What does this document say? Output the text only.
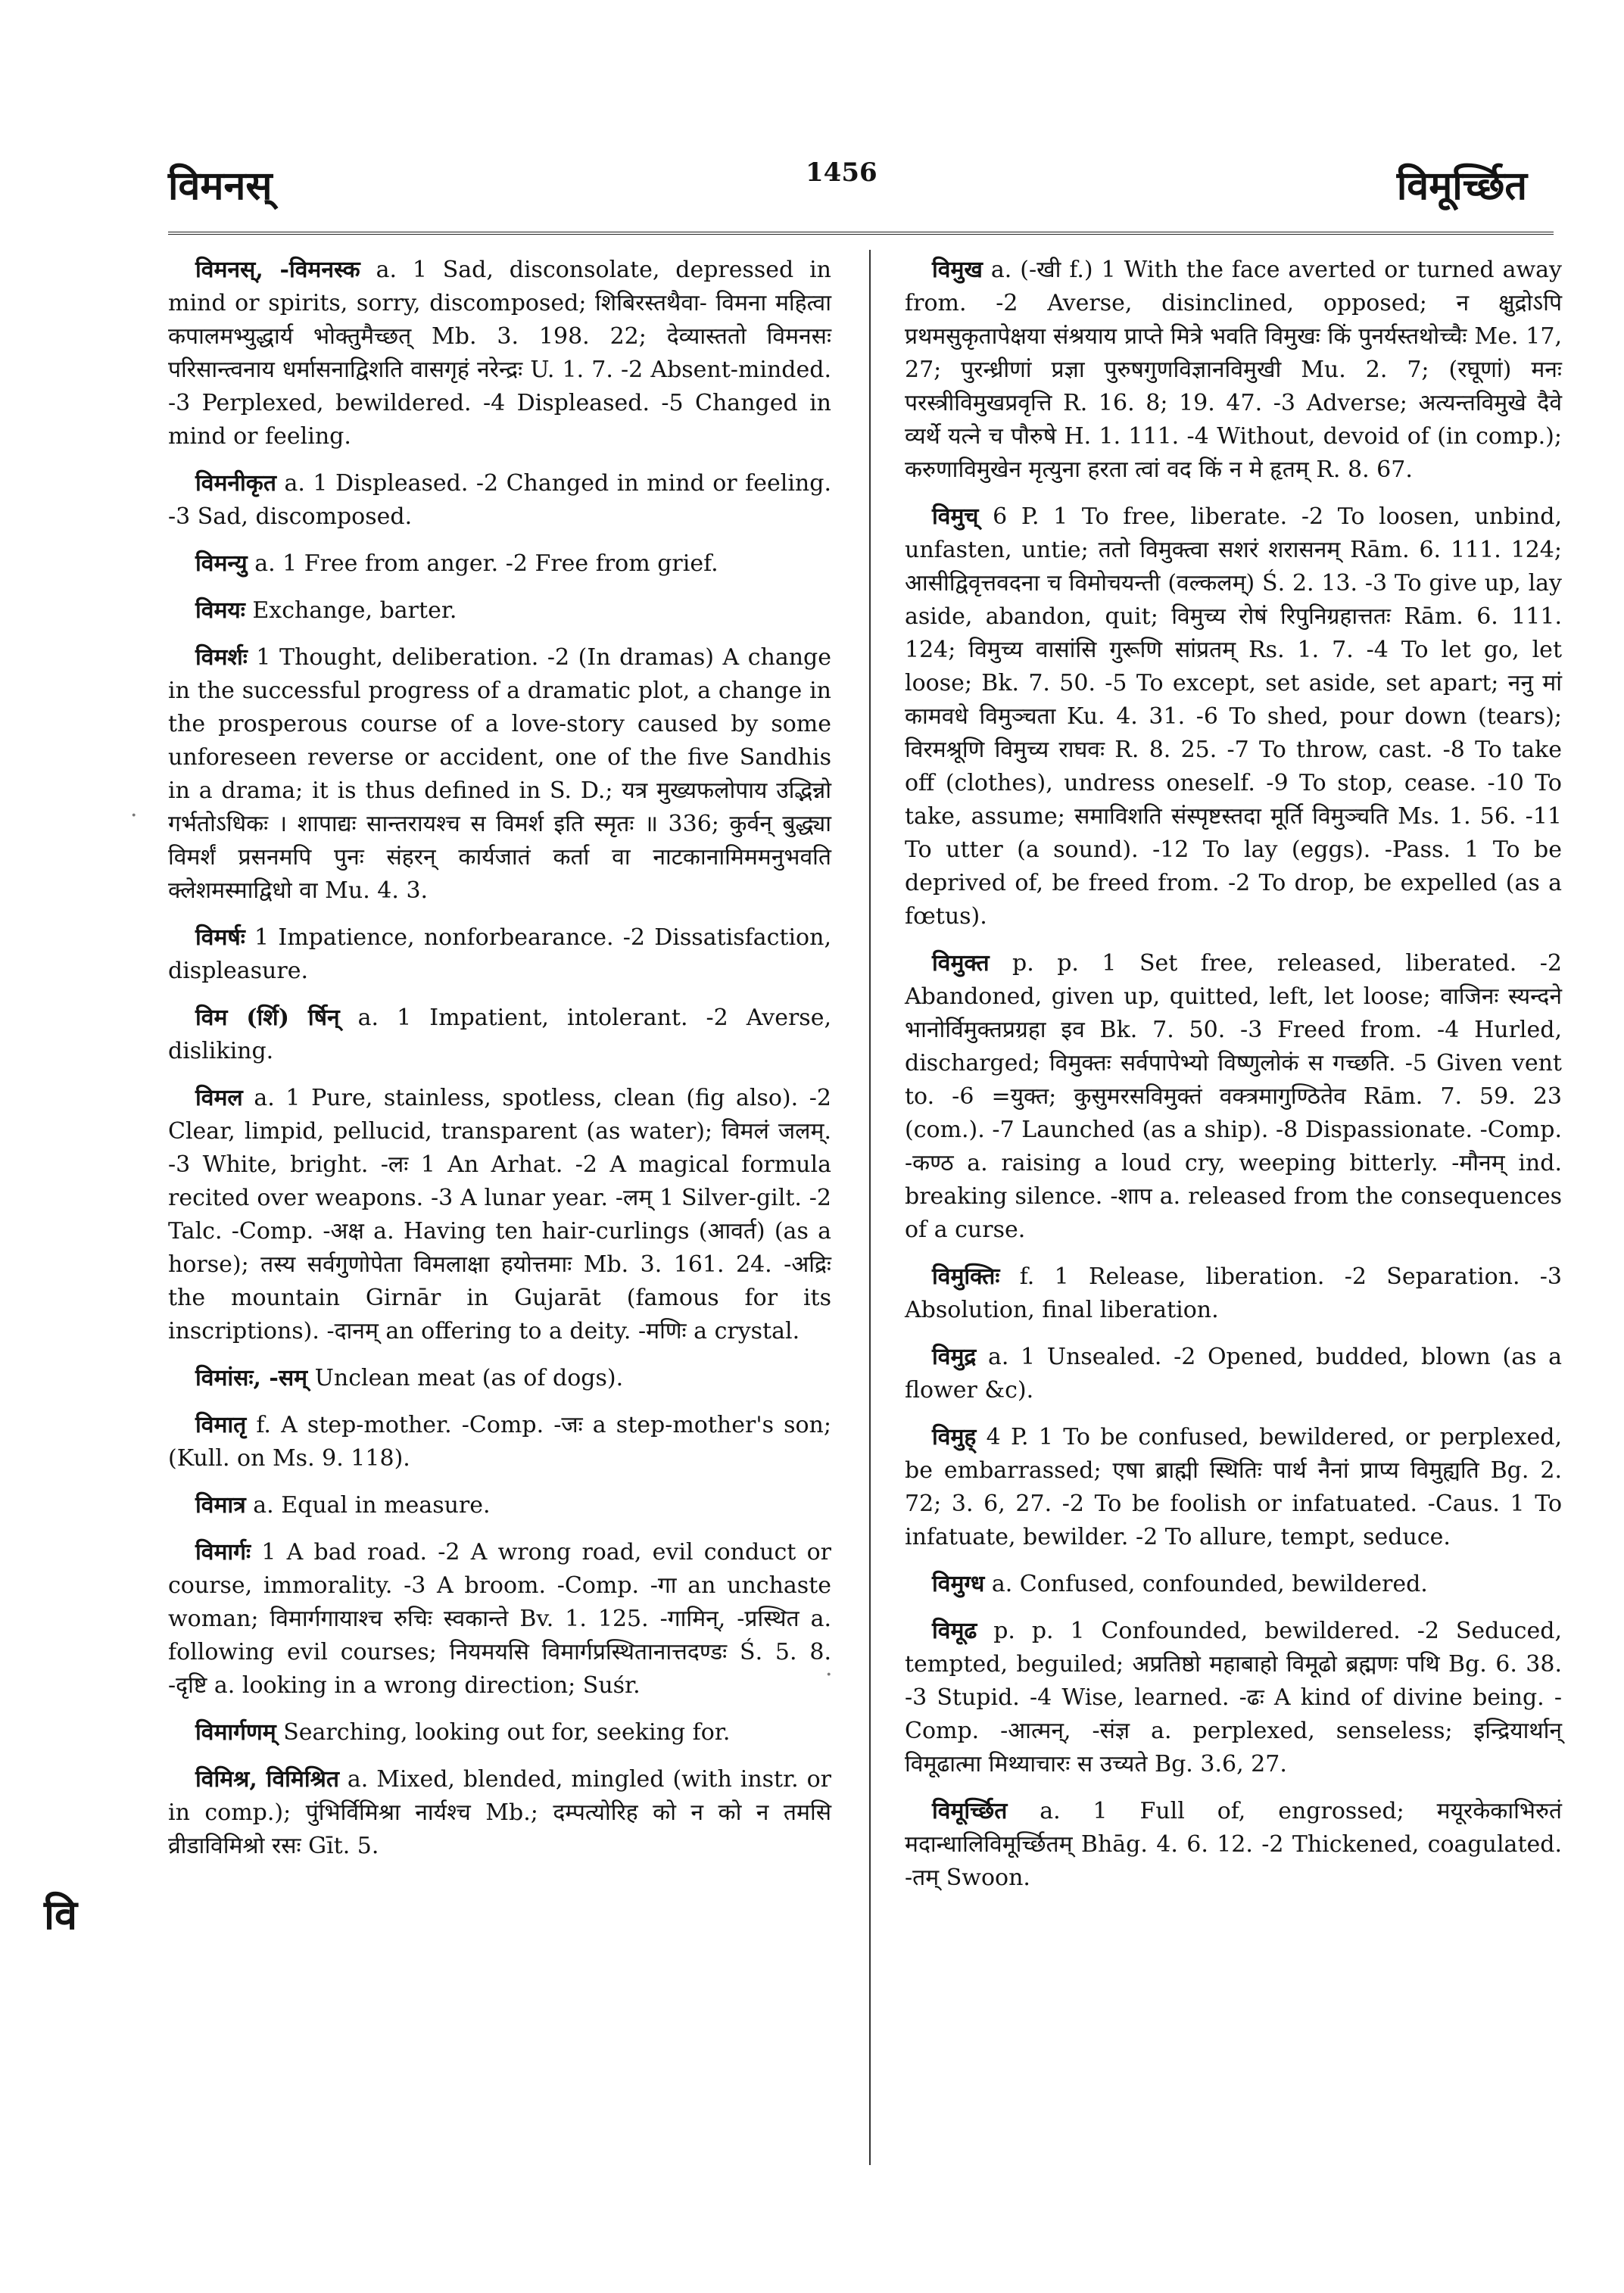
विमनस्	1456	विमूर्च्छित
वि
·
·

विमनस्, -विमनस्क a. 1 Sad, disconsolate, depressed in mind or spirits, sorry, discomposed; शिबिरस्तथैवा- विमना महित्वा कपालमभ्युद्धार्य भोक्तुमैच्छत् Mb. 3. 198. 22; देव्यास्ततो विमनसः परिसान्त्वनाय धर्मासनाद्विशति वासगृहं नरेन्द्रः U. 1. 7. -2 Absent-minded. -3 Perplexed, bewildered. -4 Displeased. -5 Changed in mind or feeling.

विमनीकृत a. 1 Displeased. -2 Changed in mind or feeling. -3 Sad, discomposed.

विमन्यु a. 1 Free from anger. -2 Free from grief.

विमयः Exchange, barter.

विमर्शः 1 Thought, deliberation. -2 (In dramas) A change in the successful progress of a dramatic plot, a change in the prosperous course of a love-story caused by some unforeseen reverse or accident, one of the five Sandhis in a drama; it is thus defined in S. D.; यत्र मुख्यफलोपाय उद्भिन्नो गर्भतोऽधिकः । शापाद्यः सान्तरायश्च स विमर्श इति स्मृतः ॥ 336; कुर्वन् बुद्ध्या विमर्शं प्रसनमपि पुनः संहरन् कार्यजातं कर्ता वा नाटकानामिममनुभवति क्लेशमस्माद्विधो वा Mu. 4. 3.

विमर्षः 1 Impatience, nonforbearance. -2 Dissatisfaction, displeasure.

विम (र्शि) र्षिन् a. 1 Impatient, intolerant. -2 Averse, disliking.

विमल a. 1 Pure, stainless, spotless, clean (fig also). -2 Clear, limpid, pellucid, transparent (as water); विमलं जलम्. -3 White, bright. -लः 1 An Arhat. -2 A magical formula recited over weapons. -3 A lunar year. -लम् 1 Silver-gilt. -2 Talc. -Comp. -अक्ष a. Having ten hair-curlings (आवर्त) (as a horse); तस्य सर्वगुणोपेता विमलाक्षा हयोत्तमाः Mb. 3. 161. 24. -अद्रिः the mountain Girnār in Gujarāt (famous for its inscriptions). -दानम् an offering to a deity. -मणिः a crystal.

विमांसः, -सम् Unclean meat (as of dogs).

विमातृ f. A step-mother. -Comp. -जः a step-mother's son; (Kull. on Ms. 9. 118).

विमात्र a. Equal in measure.

विमार्गः 1 A bad road. -2 A wrong road, evil conduct or course, immorality. -3 A broom. -Comp. -गा an unchaste woman; विमार्गगायाश्च रुचिः स्वकान्ते Bv. 1. 125. -गामिन्, -प्रस्थित a. following evil courses; नियमयसि विमार्गप्रस्थितानात्तदण्डः Ś. 5. 8. -दृष्टि a. looking in a wrong direction; Suśr.

विमार्गणम् Searching, looking out for, seeking for.

विमिश्र, विमिश्रित a. Mixed, blended, mingled (with instr. or in comp.); पुंभिर्विमिश्रा नार्यश्च Mb.; दम्पत्योरिह को न को न तमसि व्रीडाविमिश्रो रसः Gīt. 5.

विमुख a. (-खी f.) 1 With the face averted or turned away from. -2 Averse, disinclined, opposed; न क्षुद्रोऽपि प्रथमसुकृतापेक्षया संश्रयाय प्राप्ते मित्रे भवति विमुखः किं पुनर्यस्तथोच्चैः Me. 17, 27; पुरन्ध्रीणां प्रज्ञा पुरुषगुणविज्ञानविमुखी Mu. 2. 7; (रघूणां) मनः परस्त्रीविमुखप्रवृत्ति R. 16. 8; 19. 47. -3 Adverse; अत्यन्तविमुखे दैवे व्यर्थे यत्ने च पौरुषे H. 1. 111. -4 Without, devoid of (in comp.); करुणाविमुखेन मृत्युना हरता त्वां वद किं न मे हृतम् R. 8. 67.

विमुच् 6 P. 1 To free, liberate. -2 To loosen, unbind, unfasten, untie; ततो विमुक्त्वा सशरं शरासनम् Rām. 6. 111. 124; आसीद्विवृत्तवदना च विमोचयन्ती (वल्कलम्) Ś. 2. 13. -3 To give up, lay aside, abandon, quit; विमुच्य रोषं रिपुनिग्रहात्ततः Rām. 6. 111. 124; विमुच्य वासांसि गुरूणि सांप्रतम् Rs. 1. 7. -4 To let go, let loose; Bk. 7. 50. -5 To except, set aside, set apart; ननु मां कामवधे विमुञ्चता Ku. 4. 31. -6 To shed, pour down (tears); विरमश्रूणि विमुच्य राघवः R. 8. 25. -7 To throw, cast. -8 To take off (clothes), undress oneself. -9 To stop, cease. -10 To take, assume; समाविशति संस्पृष्टस्तदा मूर्ति विमुञ्चति Ms. 1. 56. -11 To utter (a sound). -12 To lay (eggs). -Pass. 1 To be deprived of, be freed from. -2 To drop, be expelled (as a fœtus).

विमुक्त p. p. 1 Set free, released, liberated. -2 Abandoned, given up, quitted, left, let loose; वाजिनः स्यन्दने भानोर्विमुक्तप्रग्रहा इव Bk. 7. 50. -3 Freed from. -4 Hurled, discharged; विमुक्तः सर्वपापेभ्यो विष्णुलोकं स गच्छति. -5 Given vent to. -6 =युक्त; कुसुमरसविमुक्तं वक्त्रमागुण्ठितेव Rām. 7. 59. 23 (com.). -7 Launched (as a ship). -8 Dispassionate. -Comp. -कण्ठ a. raising a loud cry, weeping bitterly. -मौनम् ind. breaking silence. -शाप a. released from the consequences of a curse.

विमुक्तिः f. 1 Release, liberation. -2 Separation. -3 Absolution, final liberation.

विमुद्र a. 1 Unsealed. -2 Opened, budded, blown (as a flower &c).

विमुह् 4 P. 1 To be confused, bewildered, or perplexed, be embarrassed; एषा ब्राह्मी स्थितिः पार्थ नैनां प्राप्य विमुह्यति Bg. 2. 72; 3. 6, 27. -2 To be foolish or infatuated. -Caus. 1 To infatuate, bewilder. -2 To allure, tempt, seduce.

विमुग्ध a. Confused, confounded, bewildered.

विमूढ p. p. 1 Confounded, bewildered. -2 Seduced, tempted, beguiled; अप्रतिष्ठो महाबाहो विमूढो ब्रह्मणः पथि Bg. 6. 38. -3 Stupid. -4 Wise, learned. -ढः A kind of divine being. -Comp. -आत्मन्, -संज्ञ a. perplexed, senseless; इन्द्रियार्थान् विमूढात्मा मिथ्याचारः स उच्यते Bg. 3.6, 27.

विमूर्च्छित a. 1 Full of, engrossed; मयूरकेकाभिरुतं मदान्धालिविमूर्च्छितम् Bhāg. 4. 6. 12. -2 Thickened, coagulated. -तम् Swoon.
